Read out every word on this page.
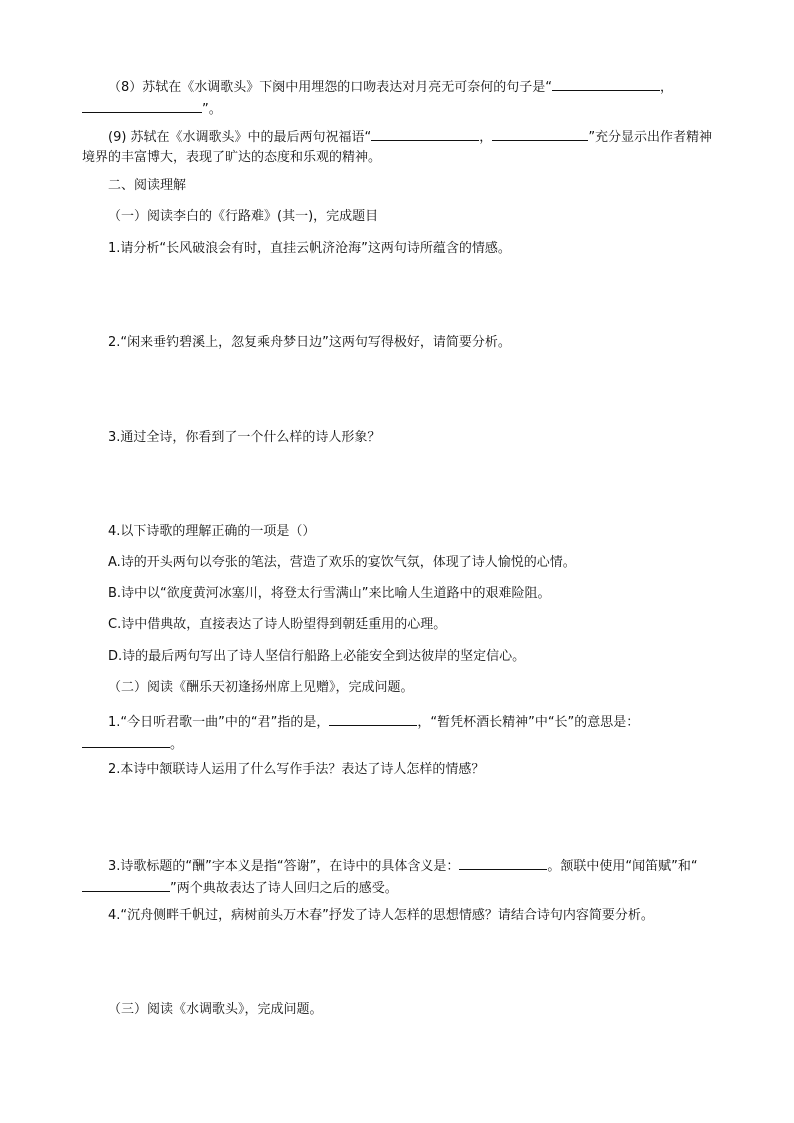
（8）苏轼在《水调歌头》下阕中用埋怨的口吻表达对月亮无可奈何的句子是“	，”。

(9) 苏轼在《水调歌头》中的最后两句祝福语“	，	”充分显示出作者精神境界的丰富博大，表现了旷达的态度和乐观的精神。

二、阅读理解

（一）阅读李白的《行路难》(其一)，完成题目

1.请分析“长风破浪会有时，直挂云帆济沧海”这两句诗所蕴含的情感。

2.“闲来垂钓碧溪上，忽复乘舟梦日边”这两句写得极好，请简要分析。

3.通过全诗，你看到了一个什么样的诗人形象？

4.以下诗歌的理解正确的一项是（）

A.诗的开头两句以夸张的笔法，营造了欢乐的宴饮气氛，体现了诗人愉悦的心情。

B.诗中以“欲度黄河冰塞川，将登太行雪满山”来比喻人生道路中的艰难险阻。

C.诗中借典故，直接表达了诗人盼望得到朝廷重用的心理。

D.诗的最后两句写出了诗人坚信行船路上必能安全到达彼岸的坚定信心。

（二）阅读《酬乐天初逢扬州席上见赠》，完成问题。

1.“今日听君歌一曲”中的“君”指的是，	，“暂凭杯酒长精神”中“长”的意思是：。

2.本诗中颔联诗人运用了什么写作手法？表达了诗人怎样的情感？

3.诗歌标题的“酬”字本义是指“答谢”，在诗中的具体含义是：	。颔联中使用“闻笛赋”和“”两个典故表达了诗人回归之后的感受。

4.“沉舟侧畔千帆过，病树前头万木春”抒发了诗人怎样的思想情感？请结合诗句内容简要分析。

（三）阅读《水调歌头》，完成问题。
